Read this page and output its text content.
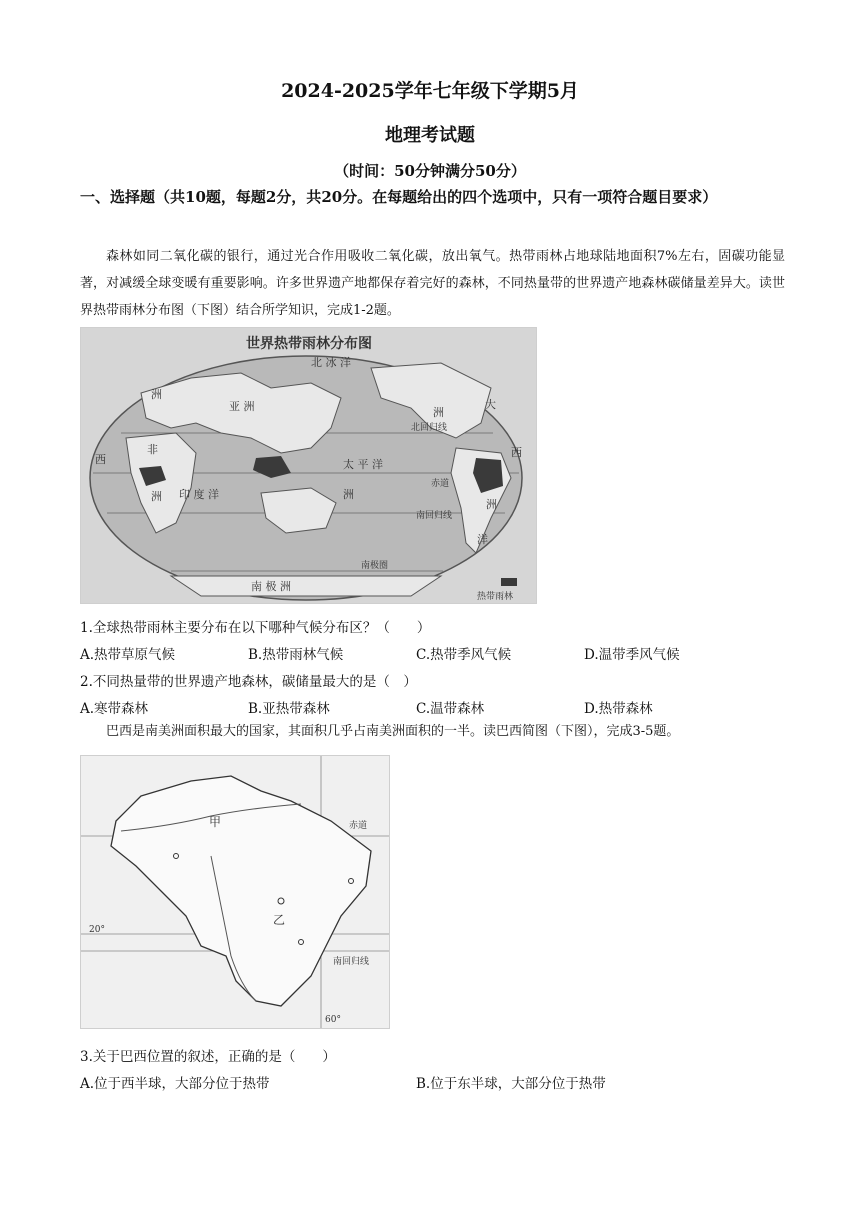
2024-2025学年七年级下学期5月
地理考试题
（时间：50分钟满分50分）
一、选择题（共10题，每题2分，共20分。在每题给出的四个选项中，只有一项符合题目要求）
森林如同二氧化碳的银行，通过光合作用吸收二氧化碳，放出氧气。热带雨林占地球陆地面积7%左右，固碳功能显著，对减缓全球变暖有重要影响。许多世界遗产地都保存着完好的森林，不同热量带的世界遗产地森林碳储量差异大。读世界热带雨林分布图（下图）结合所学知识，完成1-2题。
世界热带雨林分布图
北 冰 洋
亚 洲
洲
非
洲
西	太 平 洋
印 度 洋	洲
南 极 洲
北回归线
赤道
南回归线
南极圈
大
洲
西
洲
洋
热带雨林
1.全球热带雨林主要分布在以下哪种气候分布区？（　　）
A.热带草原气候	B.热带雨林气候	C.热带季风气候	D.温带季风气候
2.不同热量带的世界遗产地森林，碳储量最大的是（　）
A.寒带森林	B.亚热带森林	C.温带森林	D.热带森林
巴西是南美洲面积最大的国家，其面积几乎占南美洲面积的一半。读巴西简图（下图），完成3-5题。
赤道
甲
乙
20°
南回归线
60°
3.关于巴西位置的叙述，正确的是（　　）
A.位于西半球，大部分位于热带	B.位于东半球，大部分位于热带
